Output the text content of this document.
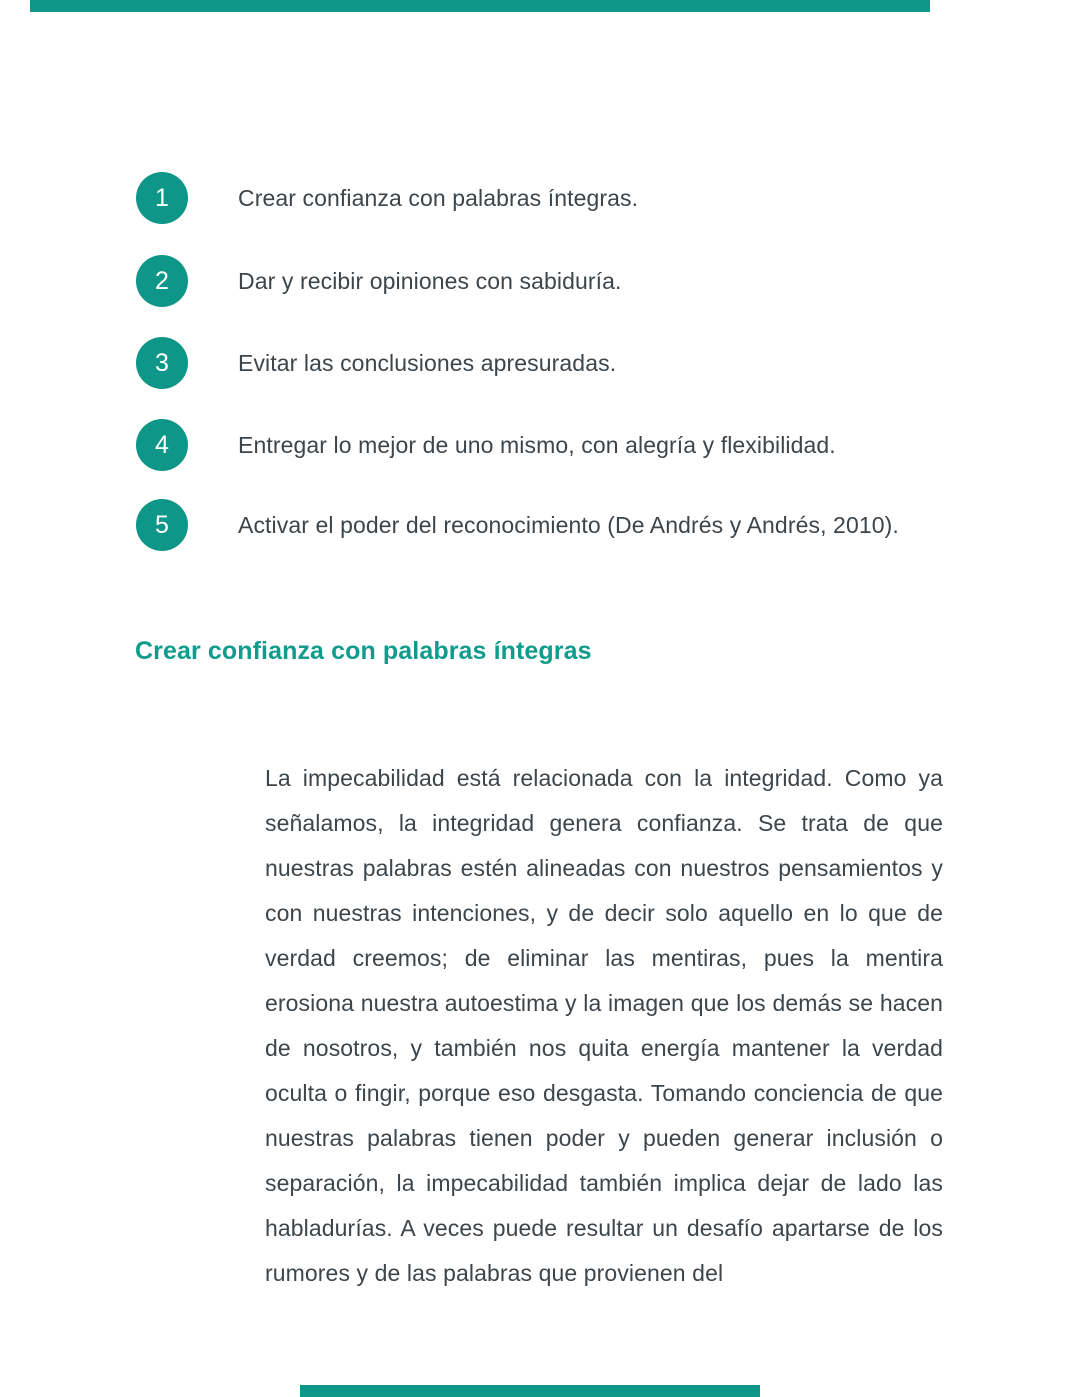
1	Crear confianza con palabras íntegras.
2	Dar y recibir opiniones con sabiduría.
3	Evitar las conclusiones apresuradas.
4	Entregar lo mejor de uno mismo, con alegría y flexibilidad.
5	Activar el poder del reconocimiento (De Andrés y Andrés, 2010).
Crear confianza con palabras íntegras

La impecabilidad está relacionada con la integridad. Como ya señalamos, la integridad genera confianza. Se trata de que nuestras palabras estén alineadas con nuestros pensamientos y con nuestras intenciones, y de decir solo aquello en lo que de verdad creemos; de eliminar las mentiras, pues la mentira erosiona nuestra autoestima y la imagen que los demás se hacen de nosotros, y también nos quita energía mantener la verdad oculta o fingir, porque eso desgasta. Tomando conciencia de que nuestras palabras tienen poder y pueden generar inclusión o separación, la impecabilidad también implica dejar de lado las habladurías. A veces puede resultar un desafío apartarse de los rumores y de las palabras que provienen del
